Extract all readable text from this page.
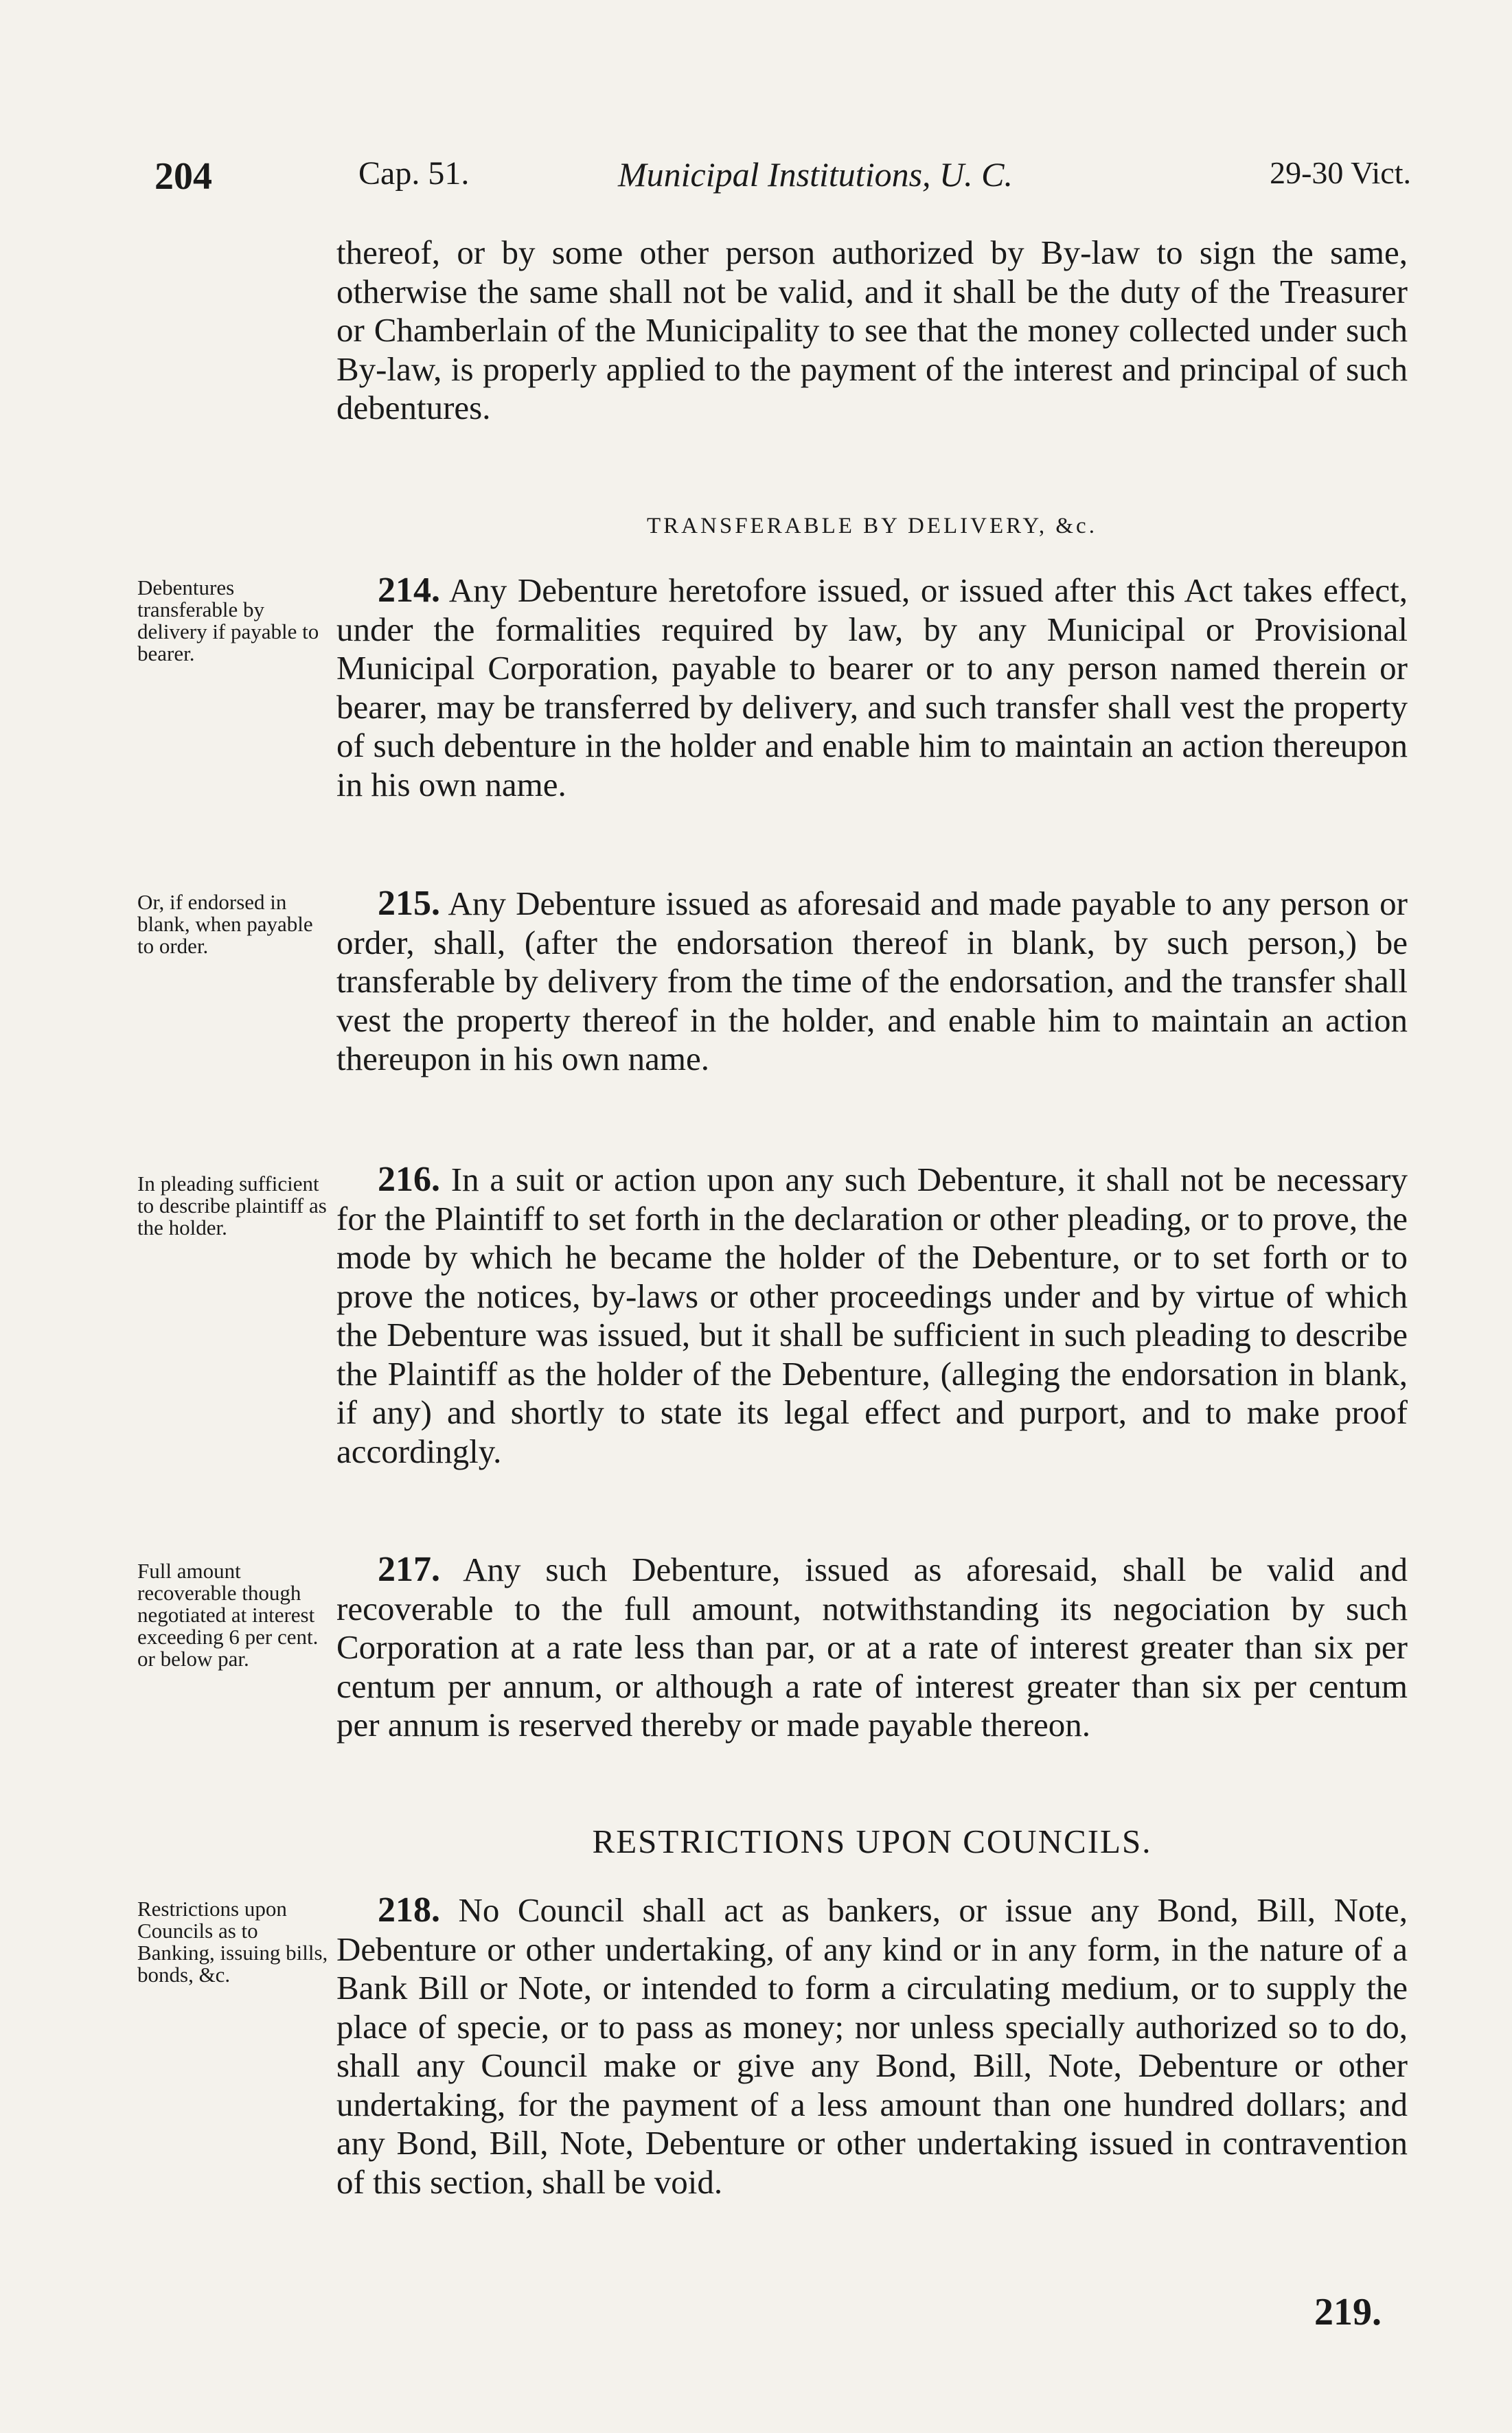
204	Cap. 51.	Municipal Institutions, U. C.	29-30 Vict.

thereof, or by some other person authorized by By-law to sign the same, otherwise the same shall not be valid, and it shall be the duty of the Treasurer or Chamberlain of the Municipality to see that the money collected under such By-law, is properly applied to the payment of the interest and principal of such debentures.

TRANSFERABLE BY DELIVERY, &c.
Debentures transferable by delivery if payable to bearer.

214. Any Debenture heretofore issued, or issued after this Act takes effect, under the formalities required by law, by any Municipal or Provisional Municipal Corporation, payable to bearer or to any person named therein or bearer, may be transferred by delivery, and such transfer shall vest the property of such debenture in the holder and enable him to maintain an action thereupon in his own name.

Or, if endorsed in blank, when payable to order.

215. Any Debenture issued as aforesaid and made payable to any person or order, shall, (after the endorsation thereof in blank, by such person,) be transferable by delivery from the time of the endorsation, and the transfer shall vest the property thereof in the holder, and enable him to maintain an action thereupon in his own name.

In pleading sufficient to describe plaintiff as the holder.

216. In a suit or action upon any such Debenture, it shall not be necessary for the Plaintiff to set forth in the declaration or other pleading, or to prove, the mode by which he became the holder of the Debenture, or to set forth or to prove the notices, by-laws or other proceedings under and by virtue of which the Debenture was issued, but it shall be sufficient in such pleading to describe the Plaintiff as the holder of the Debenture, (alleging the endorsation in blank, if any) and shortly to state its legal effect and purport, and to make proof accordingly.

Full amount recoverable though negotiated at interest exceeding 6 per cent. or below par.

217. Any such Debenture, issued as aforesaid, shall be valid and recoverable to the full amount, notwithstanding its negociation by such Corporation at a rate less than par, or at a rate of interest greater than six per centum per annum, or although a rate of interest greater than six per centum per annum is reserved thereby or made payable thereon.

RESTRICTIONS UPON COUNCILS.
Restrictions upon Councils as to Banking, issuing bills, bonds, &c.

218. No Council shall act as bankers, or issue any Bond, Bill, Note, Debenture or other undertaking, of any kind or in any form, in the nature of a Bank Bill or Note, or intended to form a circulating medium, or to supply the place of specie, or to pass as money; nor unless specially authorized so to do, shall any Council make or give any Bond, Bill, Note, Debenture or other undertaking, for the payment of a less amount than one hundred dollars; and any Bond, Bill, Note, Debenture or other undertaking issued in contravention of this section, shall be void.

219.
